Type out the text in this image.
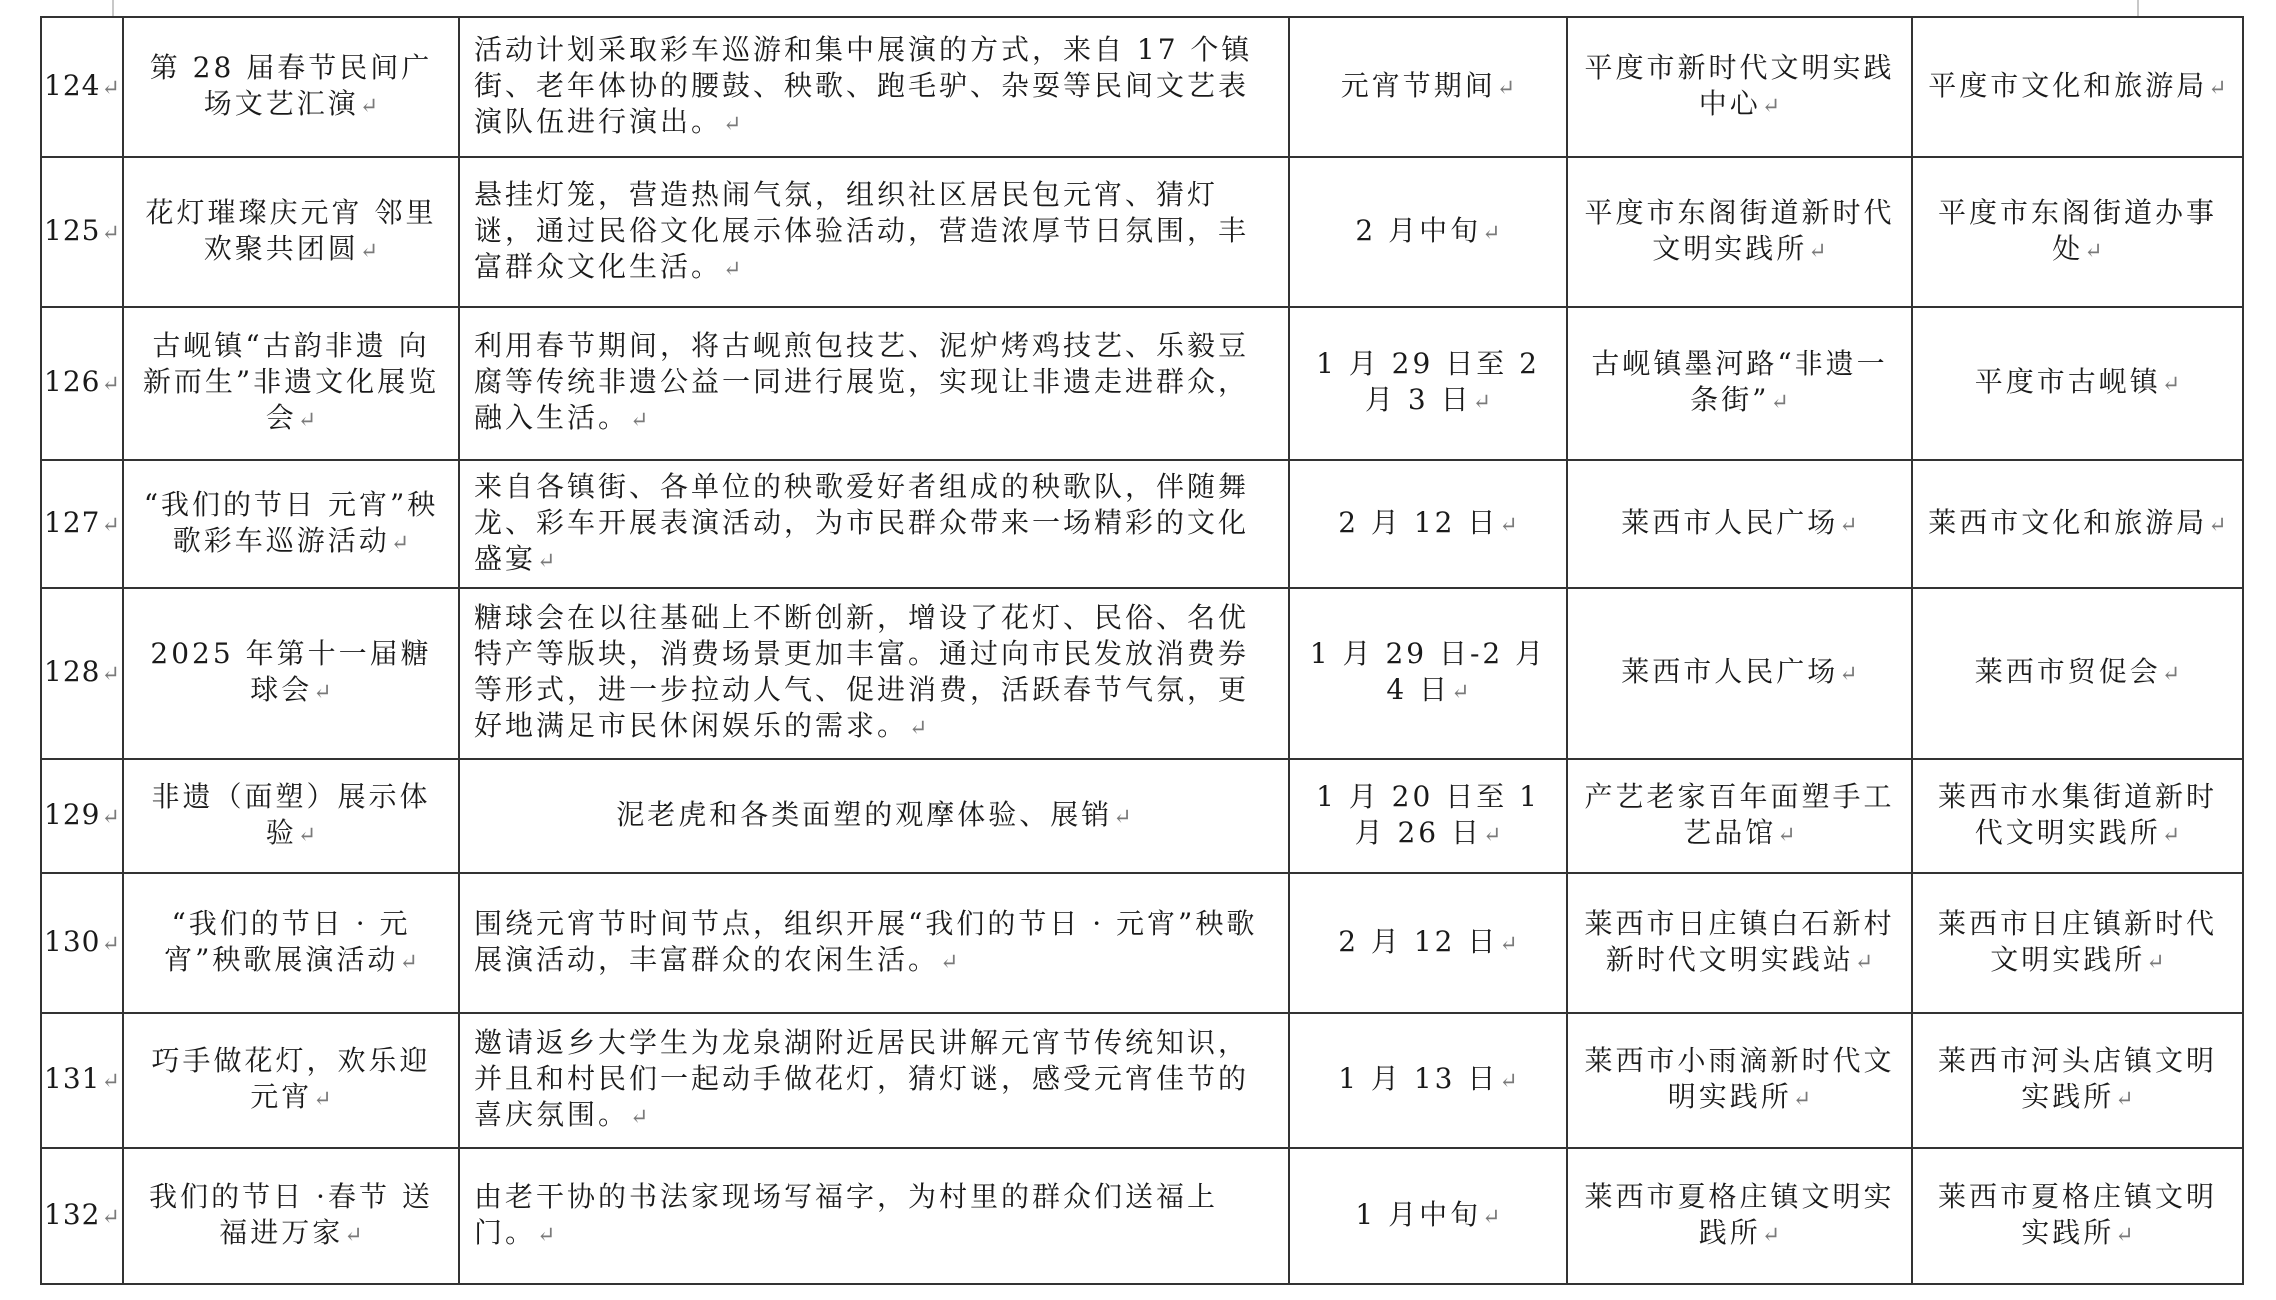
124↵	第 28 届春节民间广场文艺汇演↵	活动计划采取彩车巡游和集中展演的方式，来自 17 个镇街、老年体协的腰鼓、秧歌、跑毛驴、杂耍等民间文艺表演队伍进行演出。↵	元宵节期间↵	平度市新时代文明实践中心↵	平度市文化和旅游局↵
125↵	花灯璀璨庆元宵 邻里欢聚共团圆↵	悬挂灯笼，营造热闹气氛，组织社区居民包元宵、猜灯谜，通过民俗文化展示体验活动，营造浓厚节日氛围，丰富群众文化生活。↵	2 月中旬↵	平度市东阁街道新时代文明实践所↵	平度市东阁街道办事处↵
126↵	古岘镇“古韵非遗 向新而生”非遗文化展览会↵	利用春节期间，将古岘煎包技艺、泥炉烤鸡技艺、乐毅豆腐等传统非遗公益一同进行展览，实现让非遗走进群众，融入生活。↵	1 月 29 日至 2 月 3 日↵	古岘镇墨河路“非遗一条街”↵	平度市古岘镇↵
127↵	“我们的节日 元宵”秧歌彩车巡游活动↵	来自各镇街、各单位的秧歌爱好者组成的秧歌队，伴随舞龙、彩车开展表演活动，为市民群众带来一场精彩的文化盛宴↵	2 月 12 日↵	莱西市人民广场↵	莱西市文化和旅游局↵
128↵	2025 年第十一届糖球会↵	糖球会在以往基础上不断创新，增设了花灯、民俗、名优特产等版块，消费场景更加丰富。通过向市民发放消费券等形式，进一步拉动人气、促进消费，活跃春节气氛，更好地满足市民休闲娱乐的需求。↵	1 月 29 日-2 月 4 日↵	莱西市人民广场↵	莱西市贸促会↵
129↵	非遗（面塑）展示体验↵	泥老虎和各类面塑的观摩体验、展销↵	1 月 20 日至 1 月 26 日↵	产艺老家百年面塑手工艺品馆↵	莱西市水集街道新时代文明实践所↵
130↵	“我们的节日 · 元宵”秧歌展演活动↵	围绕元宵节时间节点，组织开展“我们的节日 · 元宵”秧歌展演活动，丰富群众的农闲生活。↵	2 月 12 日↵	莱西市日庄镇白石新村新时代文明实践站↵	莱西市日庄镇新时代文明实践所↵
131↵	巧手做花灯，欢乐迎元宵↵	邀请返乡大学生为龙泉湖附近居民讲解元宵节传统知识，并且和村民们一起动手做花灯，猜灯谜，感受元宵佳节的喜庆氛围。↵	1 月 13 日↵	莱西市小雨滴新时代文明实践所↵	莱西市河头店镇文明实践所↵
132↵	我们的节日 ·春节 送福进万家↵	由老干协的书法家现场写福字，为村里的群众们送福上门。↵	1 月中旬↵	莱西市夏格庄镇文明实践所↵	莱西市夏格庄镇文明实践所↵
